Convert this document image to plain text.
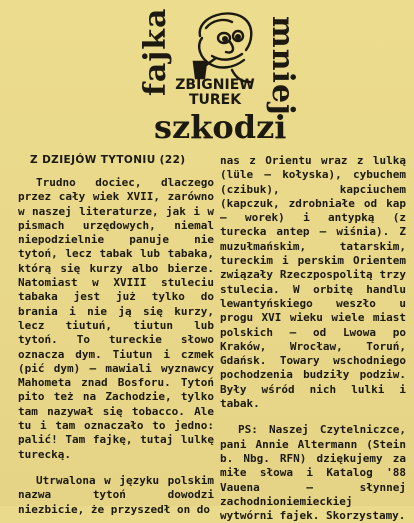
fajka	mniej
ZBIGNIEW
TUREK
szkodzi
Z DZIEJÓW TYTONIU (22)

Trudno dociec, dlaczego przez cały wiek XVII, zarówno w naszej literaturze, jak i w pismach urzędowych, niemal niepodzielnie panuje nie tytoń, lecz tabak lub tabaka, którą się kurzy albo bierze. Natomiast w XVIII stuleciu tabaka jest już tylko do brania i nie ją się kurzy, lecz tiutuń, tiutun lub tytoń. To tureckie słowo oznacza dym. Tiutun i czmek (pić dym) — mawiali wyznawcy Mahometa znad Bosforu. Tytoń pito też na Zachodzie, tylko tam nazywał się tobacco. Ale tu i tam oznaczało to jedno: palić! Tam fajkę, tutaj lulkę turecką.

Utrwalona w języku polskim nazwa tytoń dowodzi niezbicie, że przyszedł on do

nas z Orientu wraz z lulką (lüle — kołyska), cybuchem (czibuk), kapciuchem (kapczuk, zdrobniałe od kap — worek) i antypką (z turecka antep — wiśnia). Z muzułmańskim, tatarskim, tureckim i perskim Orientem związały Rzeczpospolitą trzy stulecia. W orbitę handlu lewantyńskiego weszło u progu XVI wieku wiele miast polskich — od Lwowa po Kraków, Wrocław, Toruń, Gdańsk. Towary wschodniego pochodzenia budziły podziw. Były wśród nich lulki i tabak.

PS: Naszej Czytelniczce, pani Annie Altermann (Stein b. Nbg. RFN) dziękujemy za miłe słowa i Katalog '88 Vauena — słynnej zachodnioniemieckiej wytwórni fajek. Skorzystamy.
